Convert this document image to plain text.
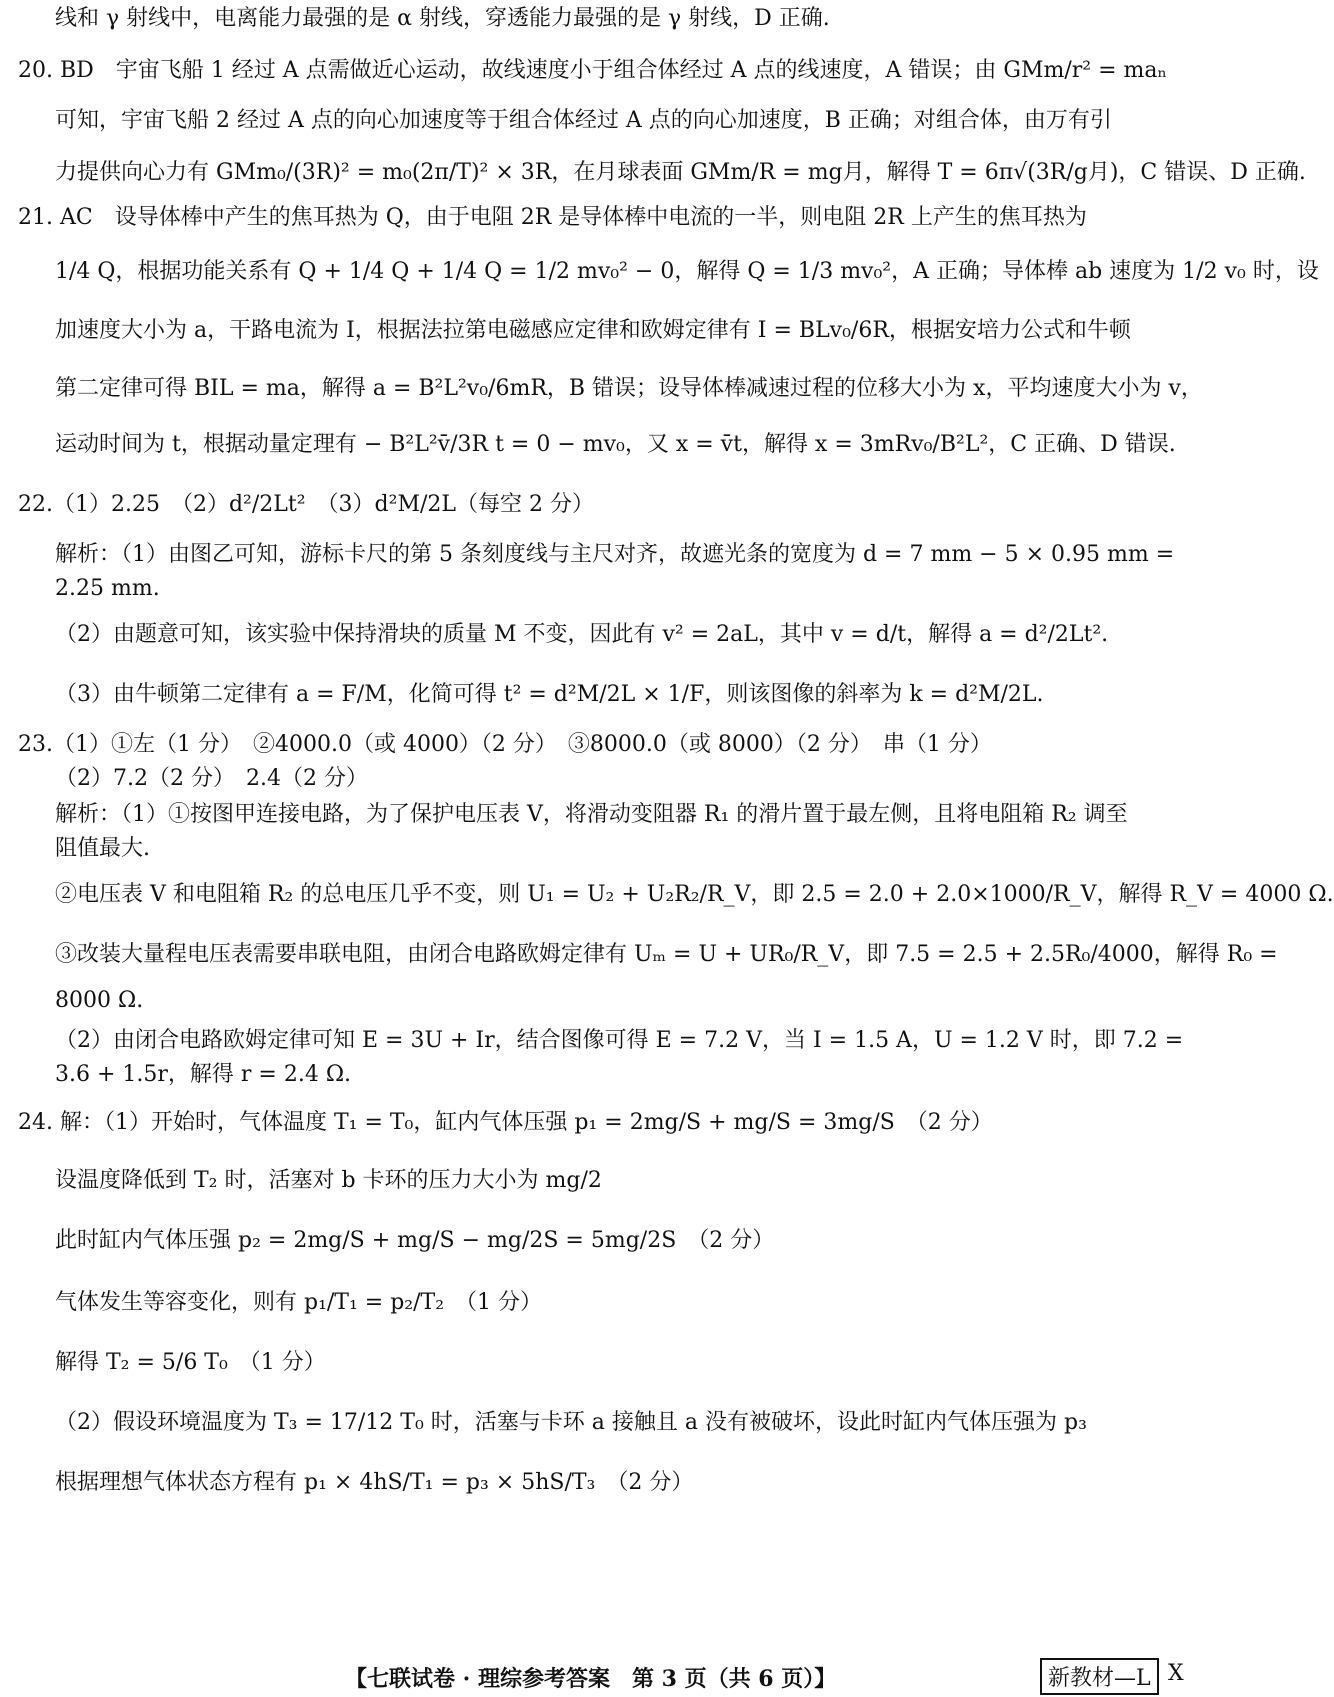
线和 γ 射线中，电离能力最强的是 α 射线，穿透能力最强的是 γ 射线，D 正确.
20. BD　宇宙飞船 1 经过 A 点需做近心运动，故线速度小于组合体经过 A 点的线速度，A 错误；由 GMm/r² = maₙ
可知，宇宙飞船 2 经过 A 点的向心加速度等于组合体经过 A 点的向心加速度，B 正确；对组合体，由万有引
力提供向心力有 GMm₀/(3R)² = m₀(2π/T)² × 3R，在月球表面 GMm/R = mg月，解得 T = 6π√(3R/g月)，C 错误、D 正确.
21. AC　设导体棒中产生的焦耳热为 Q，由于电阻 2R 是导体棒中电流的一半，则电阻 2R 上产生的焦耳热为
1/4 Q，根据功能关系有 Q + 1/4 Q + 1/4 Q = 1/2 mv₀² − 0，解得 Q = 1/3 mv₀²，A 正确；导体棒 ab 速度为 1/2 v₀ 时，设
加速度大小为 a，干路电流为 I，根据法拉第电磁感应定律和欧姆定律有 I = BLv₀/6R，根据安培力公式和牛顿
第二定律可得 BIL = ma，解得 a = B²L²v₀/6mR，B 错误；设导体棒减速过程的位移大小为 x，平均速度大小为 v，
运动时间为 t，根据动量定理有 − B²L²v̄/3R t = 0 − mv₀，又 x = v̄t，解得 x = 3mRv₀/B²L²，C 正确、D 错误.
22.（1）2.25　（2）d²/2Lt²　（3）d²M/2L（每空 2 分）
解析：（1）由图乙可知，游标卡尺的第 5 条刻度线与主尺对齐，故遮光条的宽度为 d = 7 mm − 5 × 0.95 mm =
2.25 mm.
（2）由题意可知，该实验中保持滑块的质量 M 不变，因此有 v² = 2aL，其中 v = d/t，解得 a = d²/2Lt².
（3）由牛顿第二定律有 a = F/M，化简可得 t² = d²M/2L × 1/F，则该图像的斜率为 k = d²M/2L.
23.（1）①左（1 分）　②4000.0（或 4000）（2 分）　③8000.0（或 8000）（2 分）　串（1 分）
（2）7.2（2 分）　2.4（2 分）
解析：（1）①按图甲连接电路，为了保护电压表 V，将滑动变阻器 R₁ 的滑片置于最左侧，且将电阻箱 R₂ 调至
阻值最大.
②电压表 V 和电阻箱 R₂ 的总电压几乎不变，则 U₁ = U₂ + U₂R₂/R_V，即 2.5 = 2.0 + 2.0×1000/R_V，解得 R_V = 4000 Ω.
③改装大量程电压表需要串联电阻，由闭合电路欧姆定律有 Uₘ = U + UR₀/R_V，即 7.5 = 2.5 + 2.5R₀/4000，解得 R₀ =
8000 Ω.
（2）由闭合电路欧姆定律可知 E = 3U + Ir，结合图像可得 E = 7.2 V，当 I = 1.5 A，U = 1.2 V 时，即 7.2 =
3.6 + 1.5r，解得 r = 2.4 Ω.
24. 解：（1）开始时，气体温度 T₁ = T₀，缸内气体压强 p₁ = 2mg/S + mg/S = 3mg/S　（2 分）
设温度降低到 T₂ 时，活塞对 b 卡环的压力大小为 mg/2
此时缸内气体压强 p₂ = 2mg/S + mg/S − mg/2S = 5mg/2S　（2 分）
气体发生等容变化，则有 p₁/T₁ = p₂/T₂　（1 分）
解得 T₂ = 5/6 T₀　（1 分）
（2）假设环境温度为 T₃ = 17/12 T₀ 时，活塞与卡环 a 接触且 a 没有被破坏，设此时缸内气体压强为 p₃
根据理想气体状态方程有 p₁ × 4hS/T₁ = p₃ × 5hS/T₃　（2 分）
【七联试卷 · 理综参考答案　第 3 页（共 6 页）】	新教材—L X
